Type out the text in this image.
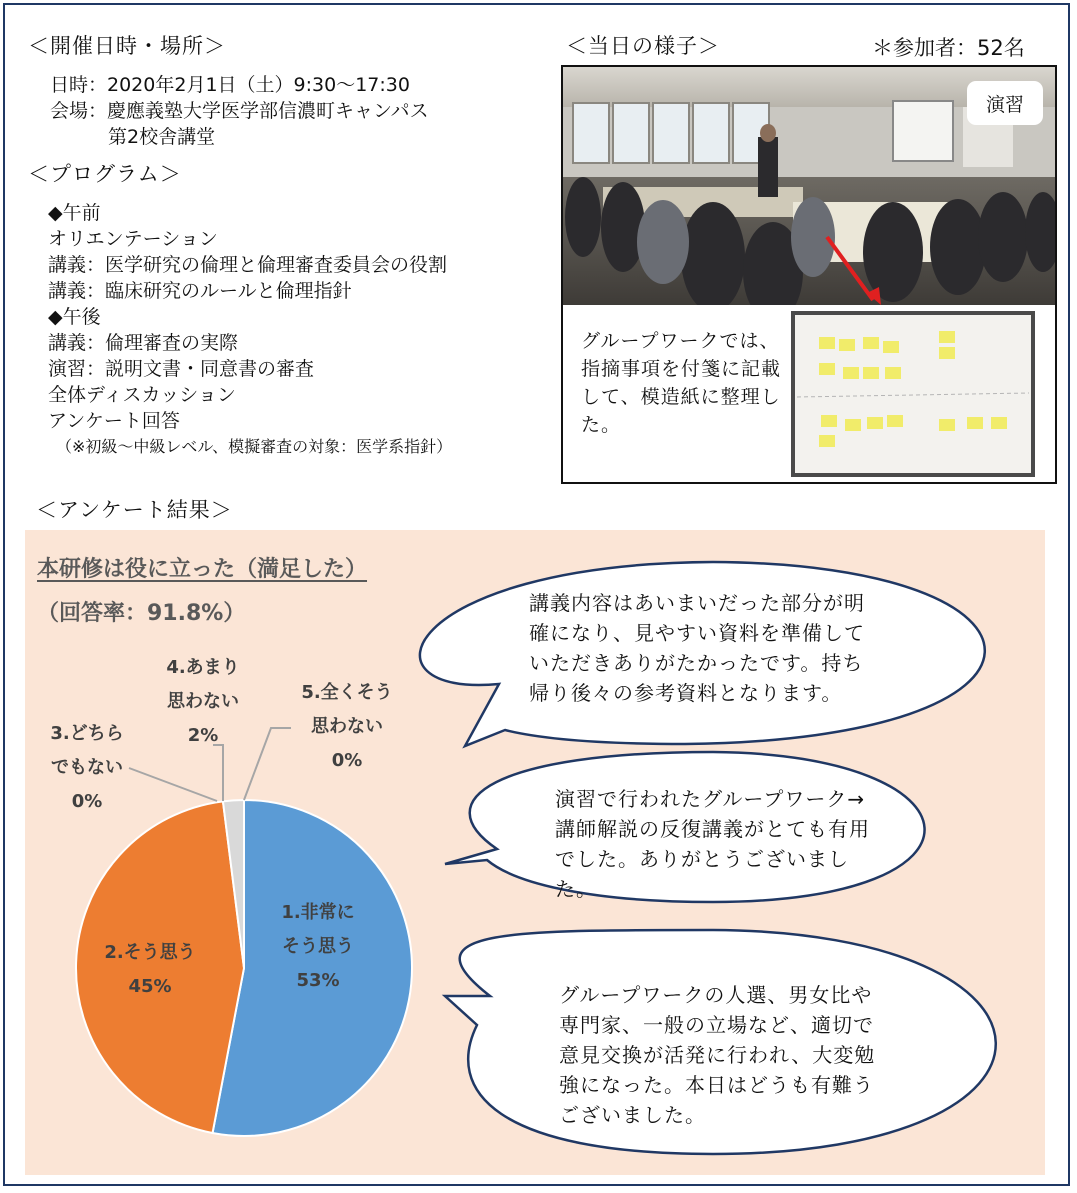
＜開催日時・場所＞
日時：2020年2月1日（土）9:30～17:30
会場：慶應義塾大学医学部信濃町キャンパス
第2校舎講堂
＜プログラム＞
◆午前
オリエンテーション
講義：医学研究の倫理と倫理審査委員会の役割
講義：臨床研究のルールと倫理指針
◆午後
講義：倫理審査の実際
演習：説明文書・同意書の審査
全体ディスカッション
アンケート回答
（※初級～中級レベル、模擬審査の対象：医学系指針）
＜当日の様子＞	＊参加者：52名
演習
グループワークでは、指摘事項を付箋に記載して、模造紙に整理した。
＜アンケート結果＞
本研修は役に立った（満足した）
（回答率：91.8%）
1.非常に
そう思う
53%
2.そう思う
45%
3.どちら
でもない
0%
4.あまり
思わない
2%
5.全くそう
思わない
0%
講義内容はあいまいだった部分が明
確になり、見やすい資料を準備して
いただきありがたかったです。持ち
帰り後々の参考資料となります。
演習で行われたグループワーク→
講師解説の反復講義がとても有用
でした。ありがとうございまし
た。
グループワークの人選、男女比や
専門家、一般の立場など、適切で
意見交換が活発に行われ、大変勉
強になった。本日はどうも有難う
ございました。
